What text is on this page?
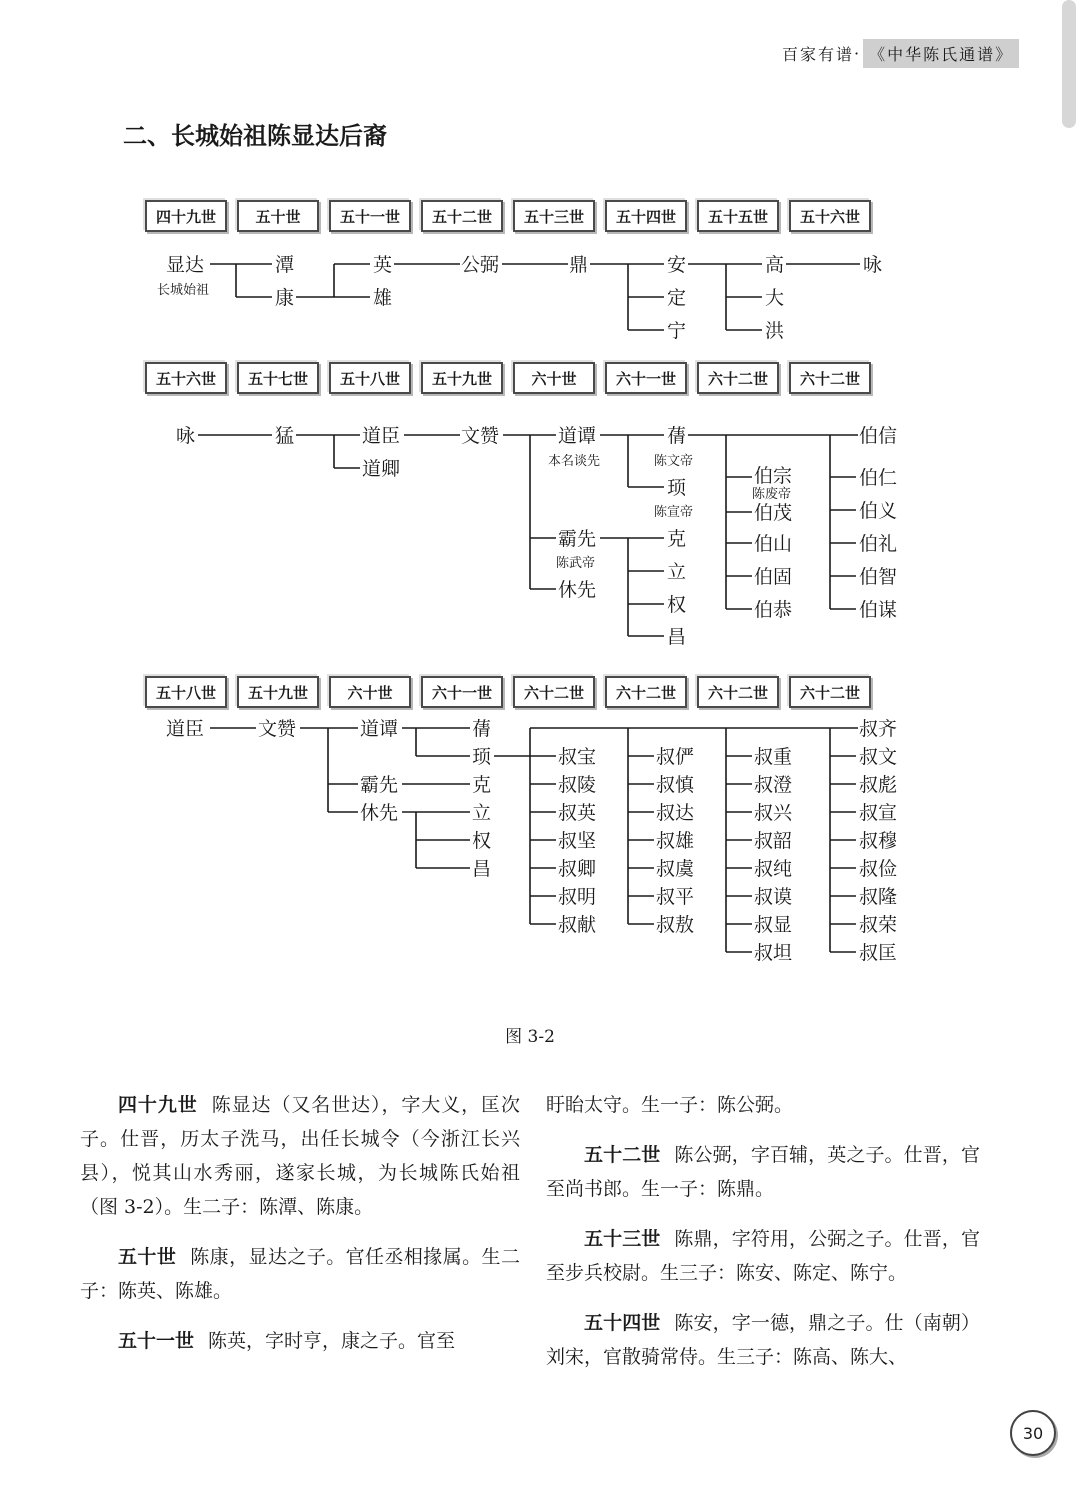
百家有谱 · 《中华陈氏通谱》
二、长城始祖陈显达后裔
四十九世	五十世	五十一世	五十二世	五十三世	五十四世	五十五世	五十六世
五十六世	五十七世	五十八世	五十九世	六十世	六十一世	六十二世	六十二世
五十八世	五十九世	六十世	六十一世	六十二世	六十二世	六十二世	六十二世
显达
长城始祖
潭
康
英
雄
公弼	鼎	安
定
宁
高
大
洪
咏
咏	猛	道臣
道卿
文赞	道谭
本名谈先
霸先
陈武帝
休先
蒨
陈文帝
顼
陈宣帝
克
立
权
昌
伯宗
陈废帝
伯茂
伯山
伯固
伯恭
伯信
伯仁
伯义
伯礼
伯智
伯谋
道臣	文赞	道谭
霸先
休先
蒨
顼
克
立
权
昌
叔宝
叔陵
叔英
叔坚
叔卿
叔明
叔献
叔俨
叔慎
叔达
叔雄
叔虞
叔平
叔敖
叔重
叔澄
叔兴
叔韶
叔纯
叔谟
叔显
叔坦
叔齐
叔文
叔彪
叔宣
叔穆
叔俭
叔隆
叔荣
叔匡
图 3-2

四十九世 陈显达（又名世达），字大义，匡次子。仕晋，历太子洗马，出任长城令（今浙江长兴县），悦其山水秀丽，遂家长城，为长城陈氏始祖（图 3-2）。生二子：陈潭、陈康。

五十世 陈康，显达之子。官任丞相掾属。生二子：陈英、陈雄。

五十一世 陈英，字时亨，康之子。官至

盱眙太守。生一子：陈公弼。

五十二世 陈公弼，字百辅，英之子。仕晋，官至尚书郎。生一子：陈鼎。

五十三世 陈鼎，字符用，公弼之子。仕晋，官至步兵校尉。生三子：陈安、陈定、陈宁。

五十四世 陈安，字一德，鼎之子。仕（南朝）刘宋，官散骑常侍。生三子：陈高、陈大、

30
